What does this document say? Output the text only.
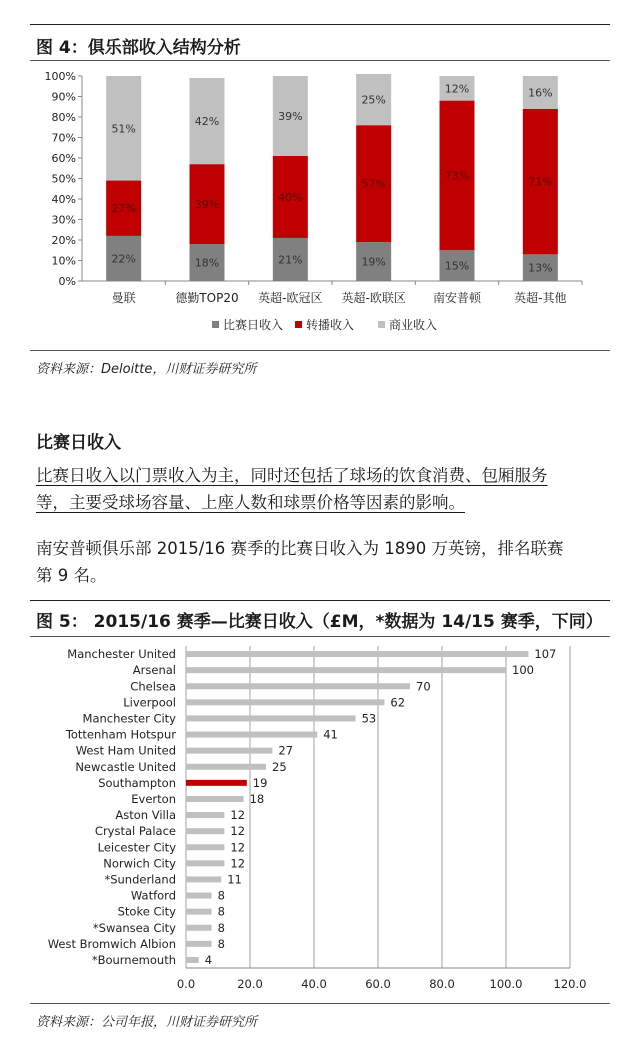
图 4：俱乐部收入结构分析
0%
10%
20%
30%
40%
50%
60%
70%
80%
90%
100%
22%
27%
51%
曼联
18%
39%
42%
德勤TOP20
21%
40%
39%
英超-欧冠区
19%
57%
25%
英超-欧联区
15%
73%
12%
南安普顿
13%
71%
16%
英超-其他
比赛日收入 转播收入	商业收入
资料来源：Deloitte，川财证券研究所
比赛日收入
比赛日收入以门票收入为主，同时还包括了球场的饮食消费、包厢服务
等，主要受球场容量、上座人数和球票价格等因素的影响。
南安普顿俱乐部 2015/16 赛季的比赛日收入为 1890 万英镑，排名联赛
第 9 名。
图 5： 2015/16 赛季—比赛日收入（£M，*数据为 14/15 赛季，下同）
0.0	20.0	40.0	60.0	80.0	100.0	120.0
Manchester United	107
Arsenal	100
Chelsea	70
Liverpool	62
Manchester City	53
Tottenham Hotspur	41
West Ham United	27
Newcastle United	25
Southampton	19
Everton	18
Aston Villa	12
Crystal Palace	12
Leicester City	12
Norwich City	12
*Sunderland	11
Watford	8
Stoke City	8
*Swansea City	8
West Bromwich Albion	8
*Bournemouth	4
资料来源：公司年报，川财证券研究所
